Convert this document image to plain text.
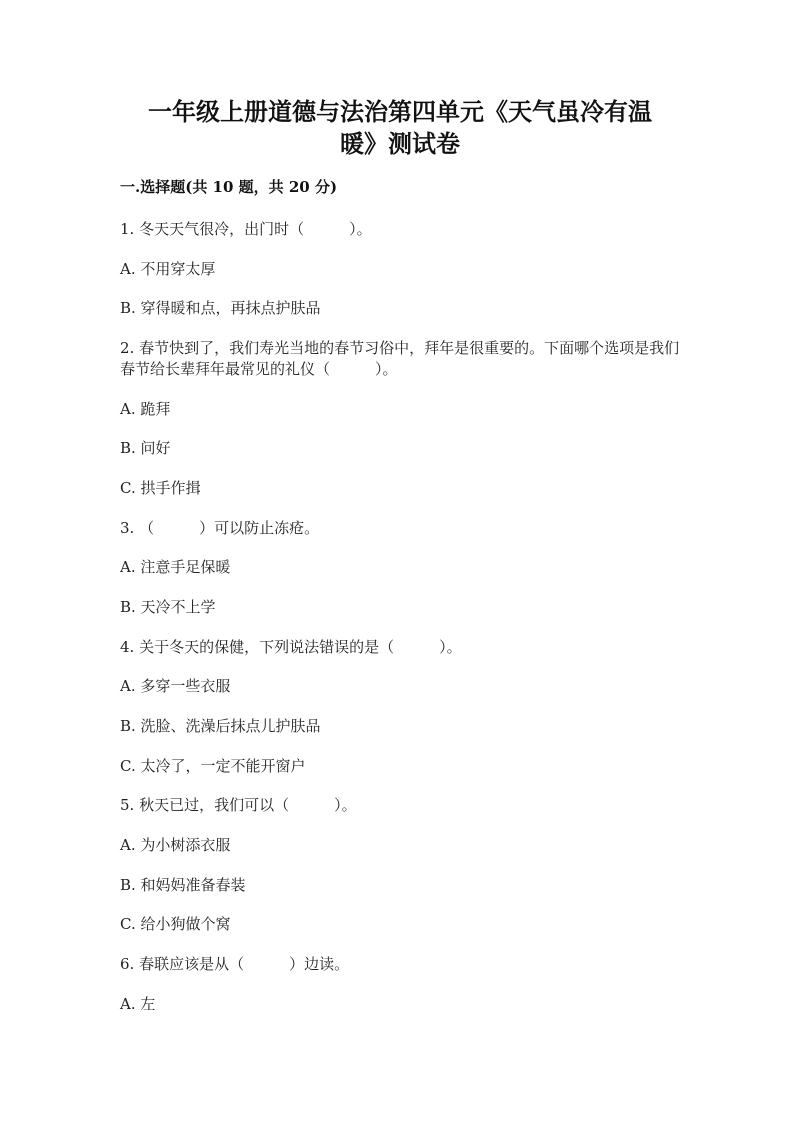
一年级上册道德与法治第四单元《天气虽冷有温
暖》测试卷
一.选择题(共 10 题，共 20 分)
1. 冬天天气很冷，出门时（　　　）。
A. 不用穿太厚
B. 穿得暖和点，再抹点护肤品
2. 春节快到了，我们寿光当地的春节习俗中，拜年是很重要的。下面哪个选项是我们春节给长辈拜年最常见的礼仪（　　　）。
A. 跪拜
B. 问好
C. 拱手作揖
3. （　　　）可以防止冻疮。
A. 注意手足保暖
B. 天冷不上学
4. 关于冬天的保健，下列说法错误的是（　　　）。
A. 多穿一些衣服
B. 洗脸、洗澡后抹点儿护肤品
C. 太冷了，一定不能开窗户
5. 秋天已过，我们可以（　　　）。
A. 为小树添衣服
B. 和妈妈准备春装
C. 给小狗做个窝
6. 春联应该是从（　　　）边读。
A. 左
